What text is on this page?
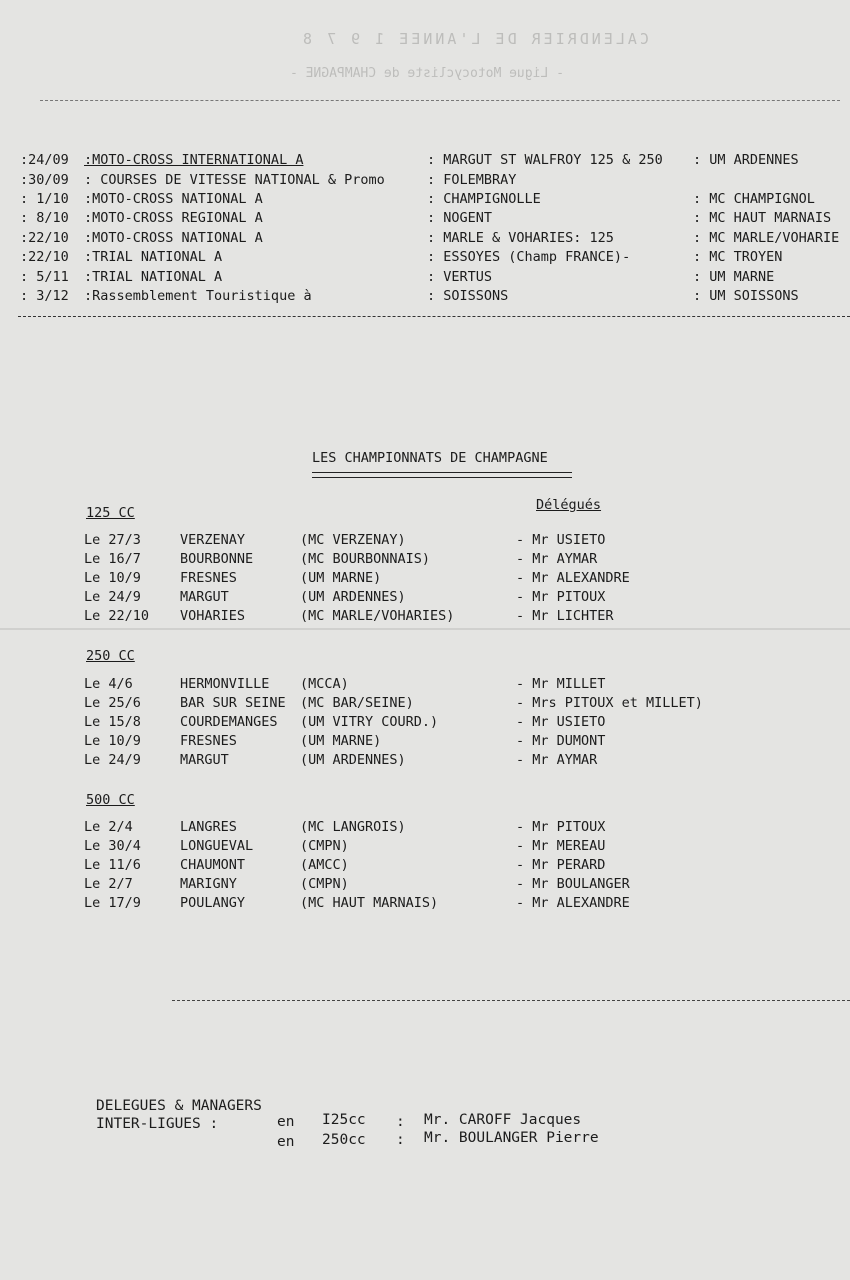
CALENDRIER DE L'ANNEE 1 9 7 8
- Ligue Motocycliste de CHAMPAGNE -
:24/09 :MOTO-CROSS INTERNATIONAL A	: MARGUT ST WALFROY 125 & 250 : UM ARDENNES
:30/09 : COURSES DE VITESSE NATIONAL & Promo	: FOLEMBRAY
: 1/10 :MOTO-CROSS NATIONAL A	: CHAMPIGNOLLE	: MC CHAMPIGNOL
: 8/10 :MOTO-CROSS REGIONAL A	: NOGENT	: MC HAUT MARNAIS
:22/10 :MOTO-CROSS NATIONAL A	: MARLE & VOHARIES: 125	: MC MARLE/VOHARIE
:22/10 :TRIAL NATIONAL A	: ESSOYES (Champ FRANCE)-	: MC TROYEN
: 5/11 :TRIAL NATIONAL A	: VERTUS	: UM MARNE
: 3/12 :Rassemblement Touristique à	: SOISSONS	: UM SOISSONS
LES CHAMPIONNATS DE CHAMPAGNE
Délégués
125 CC
Le 27/3	VERZENAY	(MC VERZENAY)	- Mr USIETO
Le 16/7	BOURBONNE	(MC BOURBONNAIS)	- Mr AYMAR
Le 10/9	FRESNES	(UM MARNE)	- Mr ALEXANDRE
Le 24/9	MARGUT	(UM ARDENNES)	- Mr PITOUX
Le 22/10 VOHARIES	(MC MARLE/VOHARIES)	- Mr LICHTER
250 CC
Le 4/6	HERMONVILLE (MCCA)	- Mr MILLET
Le 25/6	BAR SUR SEINE (MC BAR/SEINE)	- Mrs PITOUX et MILLET)
Le 15/8	COURDEMANGES (UM VITRY COURD.)	- Mr USIETO
Le 10/9	FRESNES	(UM MARNE)	- Mr DUMONT
Le 24/9	MARGUT	(UM ARDENNES)	- Mr AYMAR
500 CC
Le 2/4	LANGRES	(MC LANGROIS)	- Mr PITOUX
Le 30/4	LONGUEVAL	(CMPN)	- Mr MEREAU
Le 11/6	CHAUMONT	(AMCC)	- Mr PERARD
Le 2/7	MARIGNY	(CMPN)	- Mr BOULANGER
Le 17/9	POULANGY	(MC HAUT MARNAIS)	- Mr ALEXANDRE
DELEGUES & MANAGERS
INTER-LIGUES :	en I25cc : Mr. CAROFF Jacques
en 250cc : Mr. BOULANGER Pierre
